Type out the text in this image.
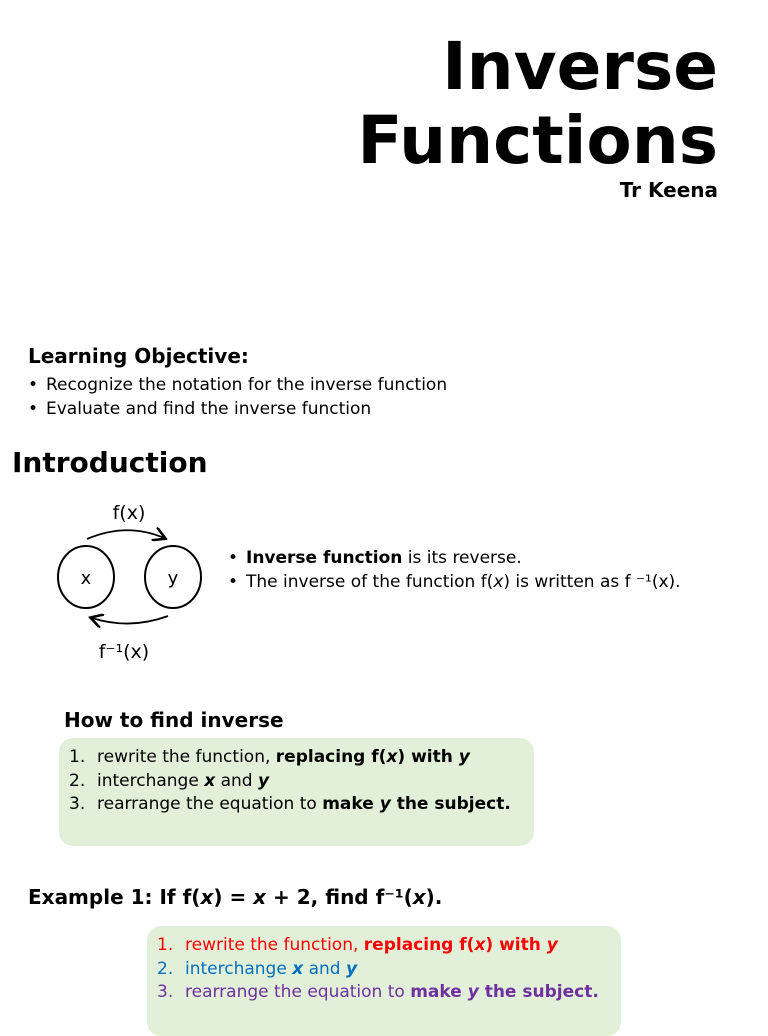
Inverse
Functions

Tr Keena

Learning Objective:
• Recognize the notation for the inverse function
• Evaluate and find the inverse function
Introduction
f(x)
x	y
f⁻¹(x)
• Inverse function is its reverse.
• The inverse of the function f(x) is written as f ⁻¹(x).
How to find inverse
1. rewrite the function, replacing f(x) with y
2. interchange x and y
3. rearrange the equation to make y the subject.

Example 1: If f(x) = x + 2, find f⁻¹(x).

1. rewrite the function, replacing f(x) with y
2. interchange x and y
3. rearrange the equation to make y the subject.
